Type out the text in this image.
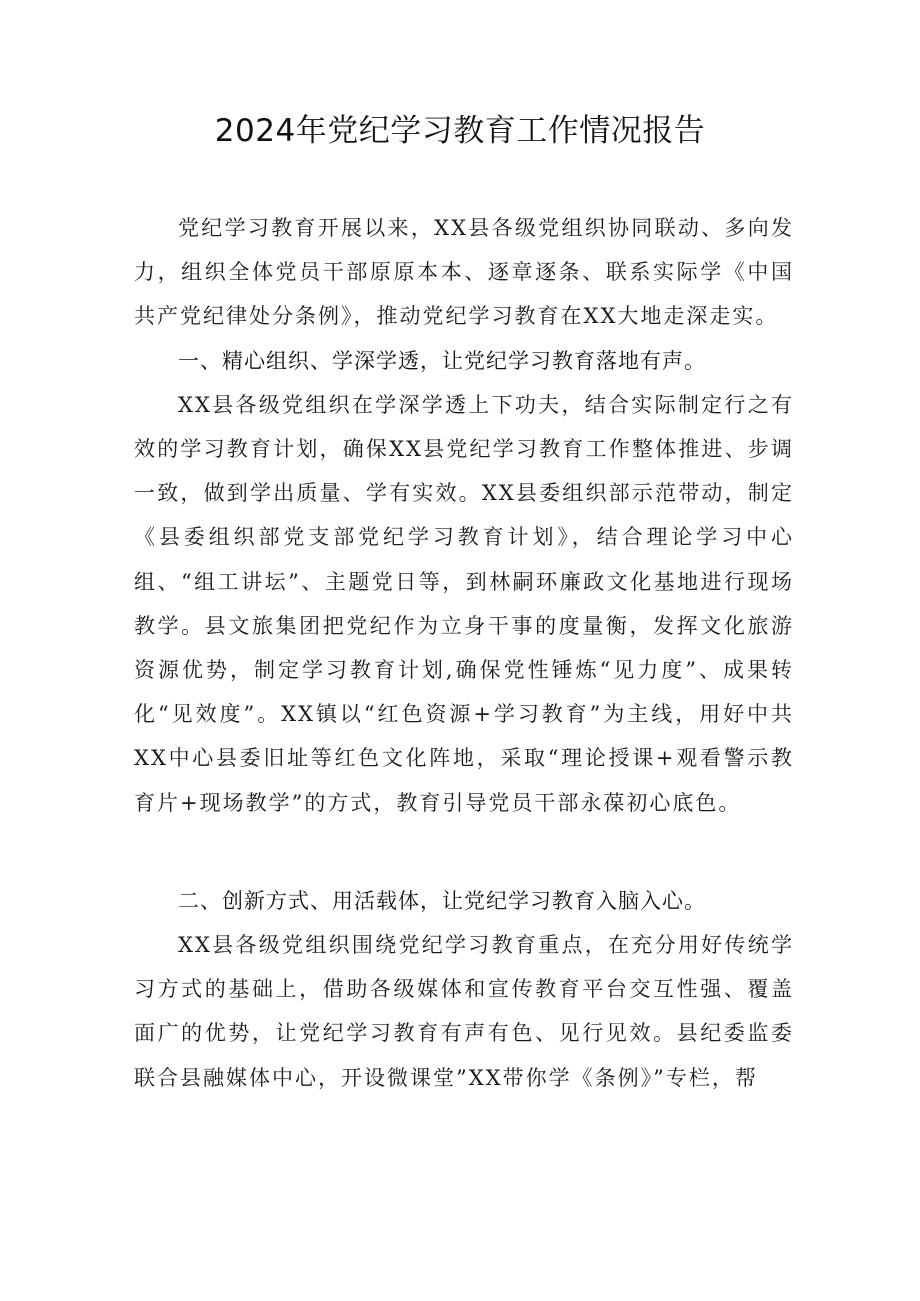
2024年党纪学习教育工作情况报告

党纪学习教育开展以来，XX县各级党组织协同联动、多向发力，组织全体党员干部原原本本、逐章逐条、联系实际学《中国共产党纪律处分条例》，推动党纪学习教育在XX大地走深走实。

一、精心组织、学深学透，让党纪学习教育落地有声。

XX县各级党组织在学深学透上下功夫，结合实际制定行之有效的学习教育计划，确保XX县党纪学习教育工作整体推进、步调一致，做到学出质量、学有实效。XX县委组织部示范带动，制定《县委组织部党支部党纪学习教育计划》，结合理论学习中心组、“组工讲坛”、主题党日等，到林嗣环廉政文化基地进行现场教学。县文旅集团把党纪作为立身干事的度量衡，发挥文化旅游资源优势，制定学习教育计划,确保党性锤炼“见力度”、成果转化“见效度”。XX镇以“红色资源+学习教育”为主线，用好中共XX中心县委旧址等红色文化阵地，采取“理论授课+观看警示教育片+现场教学”的方式，教育引导党员干部永葆初心底色。

二、创新方式、用活载体，让党纪学习教育入脑入心。

XX县各级党组织围绕党纪学习教育重点，在充分用好传统学习方式的基础上，借助各级媒体和宣传教育平台交互性强、覆盖面广的优势，让党纪学习教育有声有色、见行见效。县纪委监委联合县融媒体中心，开设微课堂”XX带你学《条例》”专栏，帮
